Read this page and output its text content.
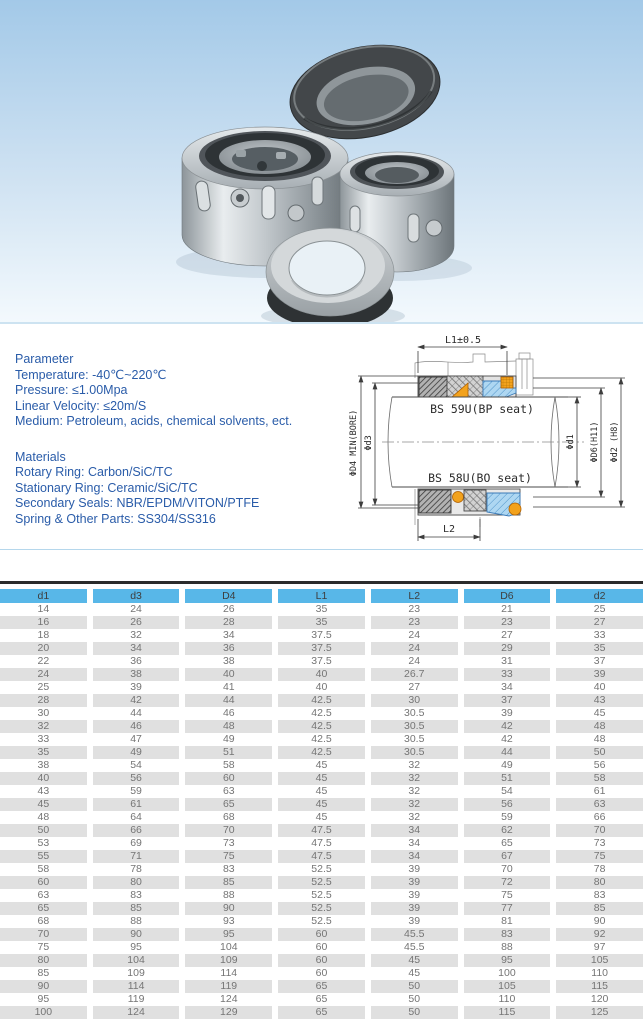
Parameter
Temperature: -40℃~220℃
Pressure: ≤1.00Mpa
Linear Velocity: ≤20m/S
Medium: Petroleum, acids, chemical solvents, ect.
Materials
Rotary Ring: Carbon/SiC/TC
Stationary Ring: Ceramic/SiC/TC
Secondary Seals: NBR/EPDM/VITON/PTFE
Spring & Other Parts: SS304/SS316
BS 59U(BP seat)
BS 58U(BO seat)
L1±0.5
L2
ΦD4 MIN(BORE) Φd3	Φd1 ΦD6(H11) Φd2 (H8)
d1	d3	D4	L1	L2	D6	d2
14	24	26	35	23	21	25
16	26	28	35	23	23	27
18	32	34	37.5	24	27	33
20	34	36	37.5	24	29	35
22	36	38	37.5	24	31	37
24	38	40	40	26.7	33	39
25	39	41	40	27	34	40
28	42	44	42.5	30	37	43
30	44	46	42.5	30.5	39	45
32	46	48	42.5	30.5	42	48
33	47	49	42.5	30.5	42	48
35	49	51	42.5	30.5	44	50
38	54	58	45	32	49	56
40	56	60	45	32	51	58
43	59	63	45	32	54	61
45	61	65	45	32	56	63
48	64	68	45	32	59	66
50	66	70	47.5	34	62	70
53	69	73	47.5	34	65	73
55	71	75	47.5	34	67	75
58	78	83	52.5	39	70	78
60	80	85	52.5	39	72	80
63	83	88	52.5	39	75	83
65	85	90	52.5	39	77	85
68	88	93	52.5	39	81	90
70	90	95	60	45.5	83	92
75	95	104	60	45.5	88	97
80	104	109	60	45	95	105
85	109	114	60	45	100	110
90	114	119	65	50	105	115
95	119	124	65	50	110	120
100	124	129	65	50	115	125
